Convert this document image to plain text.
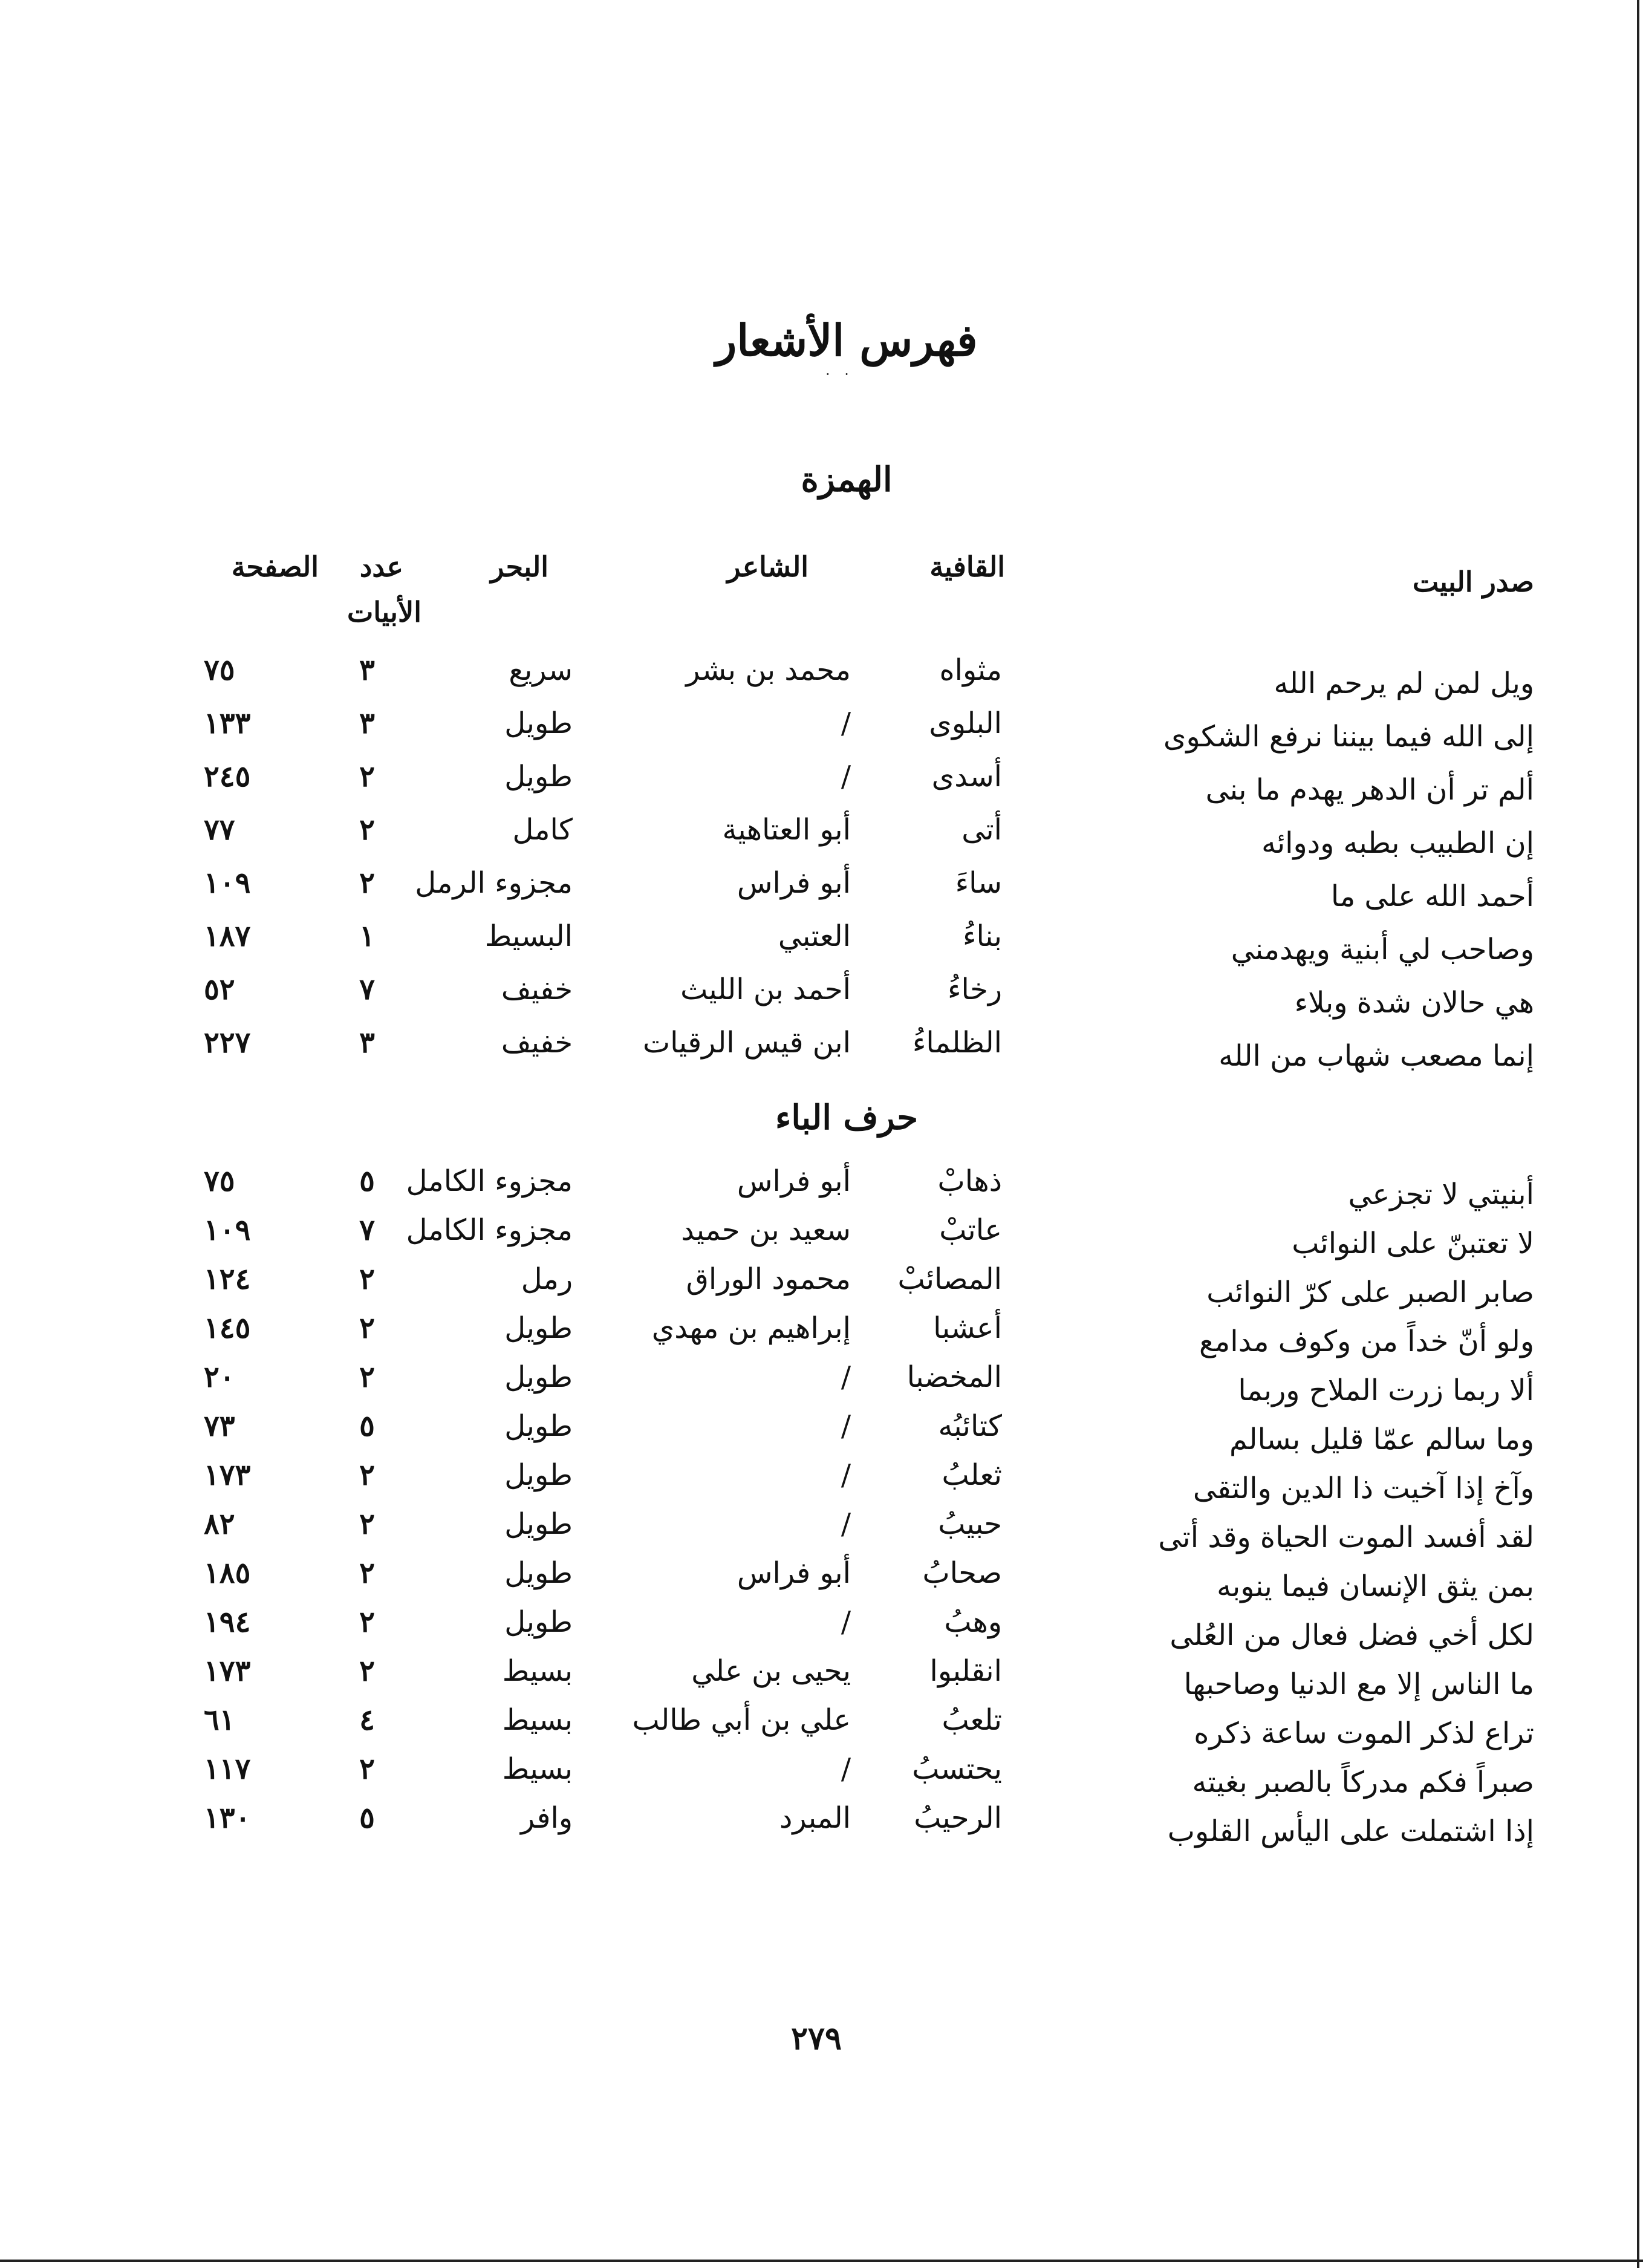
فهرس الأشعار
· ·
الهمزة
صدر البيت
القافية
الشاعر
البحر
عدد
الأبيات
الصفحة
ويل لمن لم يرحم الله
مثواه
محمد بن بشر
سريع
٣
٧٥
إلى الله فيما بيننا نرفع الشكوى
البلوى
/
طويل
٣
١٣٣
ألم تر أن الدهر يهدم ما بنى
أسدى
/
طويل
٢
٢٤٥
إن الطبيب بطبه ودوائه
أتى
أبو العتاهية
كامل
٢
٧٧
أحمد الله على ما
ساءَ
أبو فراس
مجزوء الرمل
٢
١٠٩
وصاحب لي أبنية ويهدمني
بناءُ
العتبي
البسيط
١
١٨٧
هي حالان شدة وبلاء
رخاءُ
أحمد بن الليث
خفيف
٧
٥٢
إنما مصعب شهاب من الله
الظلماءُ
ابن قيس الرقيات
خفيف
٣
٢٢٧
حرف الباء
أبنيتي لا تجزعي
ذهابْ
أبو فراس
مجزوء الكامل
٥
٧٥
لا تعتبنّ على النوائب
عاتبْ
سعيد بن حميد
مجزوء الكامل
٧
١٠٩
صابر الصبر على كرّ النوائب
المصائبْ
محمود الوراق
رمل
٢
١٢٤
ولو أنّ خداً من وكوف مدامع
أعشبا
إبراهيم بن مهدي
طويل
٢
١٤٥
ألا ربما زرت الملاح وربما
المخضبا
/
طويل
٢
٢٠
وما سالم عمّا قليل بسالم
كتائبُه
/
طويل
٥
٧٣
وآخ إذا آخيت ذا الدين والتقى
ثعلبُ
/
طويل
٢
١٧٣
لقد أفسد الموت الحياة وقد أتى
حبيبُ
/
طويل
٢
٨٢
بمن يثق الإنسان فيما ينوبه
صحابُ
أبو فراس
طويل
٢
١٨٥
لكل أخي فضل فعال من العُلى
وهبُ
/
طويل
٢
١٩٤
ما الناس إلا مع الدنيا وصاحبها
انقلبوا
يحيى بن علي
بسيط
٢
١٧٣
تراع لذكر الموت ساعة ذكره
تلعبُ
علي بن أبي طالب
بسيط
٤
٦١
صبراً فكم مدركاً بالصبر بغيته
يحتسبُ
/
بسيط
٢
١١٧
إذا اشتملت على اليأس القلوب
الرحيبُ
المبرد
وافر
٥
١٣٠
٢٧٩
